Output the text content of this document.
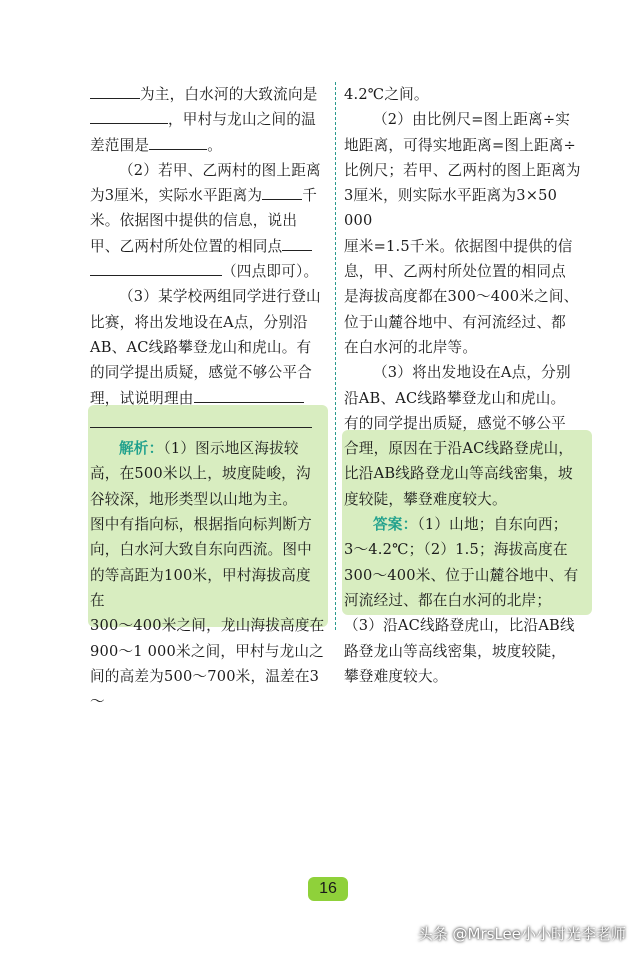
为主，白水河的大致流向是
，甲村与龙山之间的温
差范围是	。

（2）若甲、乙两村的图上距离
为3厘米，实际水平距离为	千
米。依据图中提供的信息，说出
甲、乙两村所处位置的相同点
（四点即可）。

（3）某学校两组同学进行登山
比赛，将出发地设在A点，分别沿
AB、AC线路攀登龙山和虎山。有
的同学提出质疑，感觉不够公平合
理，试说明理由

解析：（1）图示地区海拔较
高，在500米以上，坡度陡峻，沟
谷较深，地形类型以山地为主。
图中有指向标，根据指向标判断方
向，白水河大致自东向西流。图中
的等高距为100米，甲村海拔高度在
300～400米之间，龙山海拔高度在
900～1 000米之间，甲村与龙山之
间的高差为500～700米，温差在3～

4.2℃之间。

（2）由比例尺=图上距离÷实
地距离，可得实地距离=图上距离÷
比例尺；若甲、乙两村的图上距离为
3厘米，则实际水平距离为3×50 000
厘米=1.5千米。依据图中提供的信
息，甲、乙两村所处位置的相同点
是海拔高度都在300～400米之间、
位于山麓谷地中、有河流经过、都
在白水河的北岸等。

（3）将出发地设在A点，分别
沿AB、AC线路攀登龙山和虎山。
有的同学提出质疑，感觉不够公平
合理，原因在于沿AC线路登虎山，
比沿AB线路登龙山等高线密集，坡
度较陡，攀登难度较大。

答案：（1）山地；自东向西；
3～4.2℃；（2）1.5；海拔高度在
300～400米、位于山麓谷地中、有
河流经过、都在白水河的北岸；
（3）沿AC线路登虎山，比沿AB线
路登龙山等高线密集，坡度较陡，
攀登难度较大。

16
头条 @MrsLee小小时光李老师
